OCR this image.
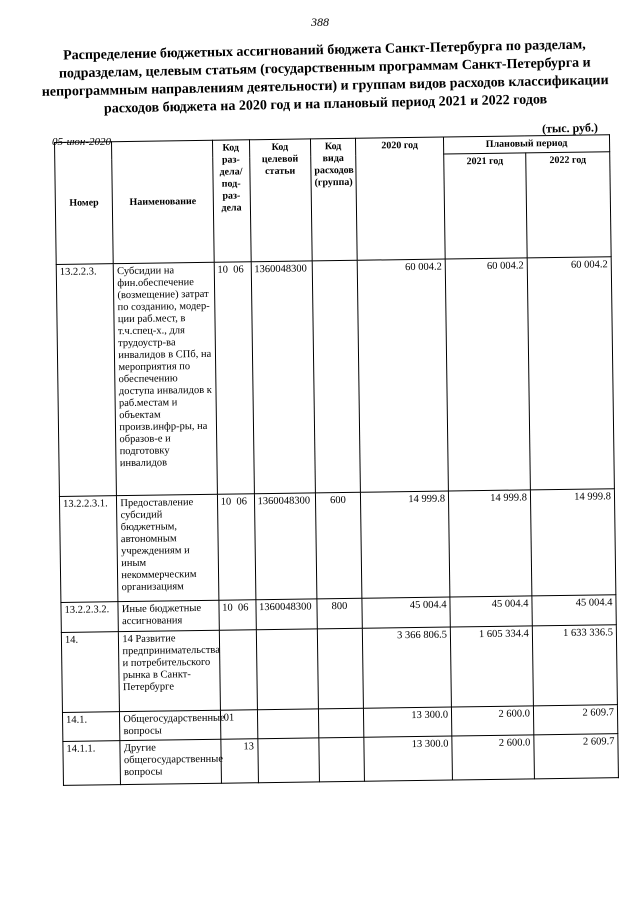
388
Распределение бюджетных ассигнований бюджета Санкт-Петербурга по разделам, подразделам, целевым статьям (государственным программам Санкт-Петербурга и непрограммным направлениям деятельности) и группам видов расходов классификации расходов бюджета на 2020 год и на плановый период 2021 и 2022 годов
(тыс. руб.)
05-июн-2020
Номер	Наименование	Код раз-дела/ под-раз-дела	Код целевой статьи	Код вида расходов (группа)	2020 год	Плановый период	
						2021 год	2022 год
13.2.2.3.	Субсидии на фин.обеспечение (возмещение) затрат по созданию, модер-ции раб.мест, в т.ч.спец-х., для трудоустр-ва инвалидов в СПб, на мероприятия по обеспечению доступа инвалидов к раб.местам и объектам произв.инфр-ры, на образов-е и подготовку инвалидов	10 06	1360048300		60 004.2	60 004.2	60 004.2
13.2.2.3.1.	Предоставление субсидий бюджетным, автономным учреждениям и иным некоммерческим организациям	10 06	1360048300	600	14 999.8	14 999.8	14 999.8
13.2.2.3.2.	Иные бюджетные ассигнования	10 06	1360048300	800	45 004.4	45 004.4	45 004.4
14.	14 Развитие предпринимательства и потребительского рынка в Санкт-Петербурге				3 366 806.5	1 605 334.4	1 633 336.5
14.1.	Общегосударственные вопросы	01			13 300.0	2 600.0	2 609.7
14.1.1.	Другие общегосударственные вопросы	13			13 300.0	2 600.0	2 609.7
